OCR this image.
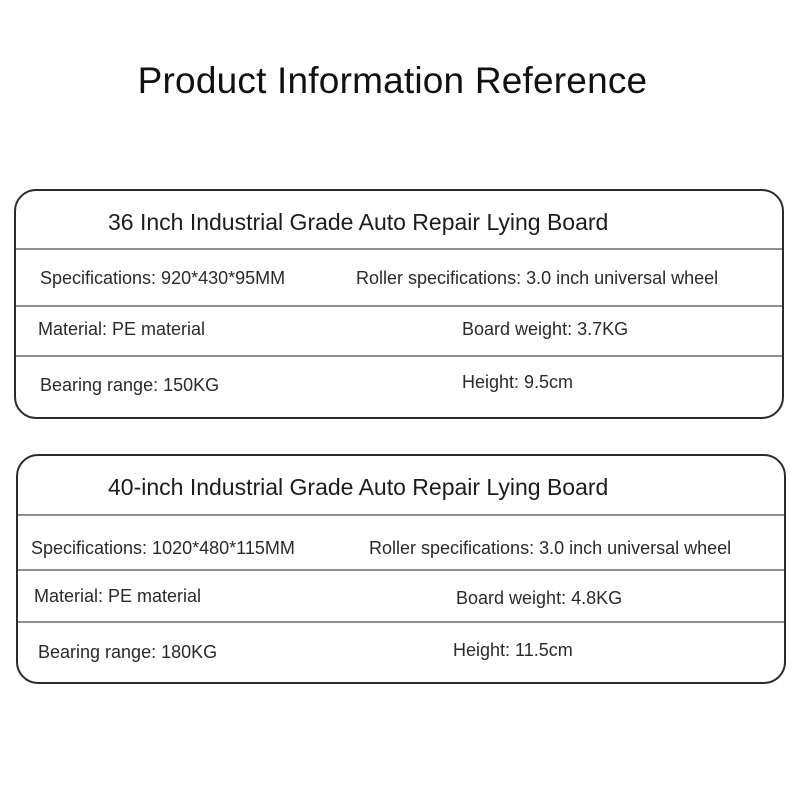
Product Information Reference
36 Inch Industrial Grade Auto Repair Lying Board
Specifications: 920*430*95MM	Roller specifications: 3.0 inch universal wheel
Material: PE material	Board weight: 3.7KG
Bearing range: 150KG	Height: 9.5cm
40-inch Industrial Grade Auto Repair Lying Board
Specifications: 1020*480*115MM	Roller specifications: 3.0 inch universal wheel
Material: PE material	Board weight: 4.8KG
Bearing range: 180KG	Height: 11.5cm
